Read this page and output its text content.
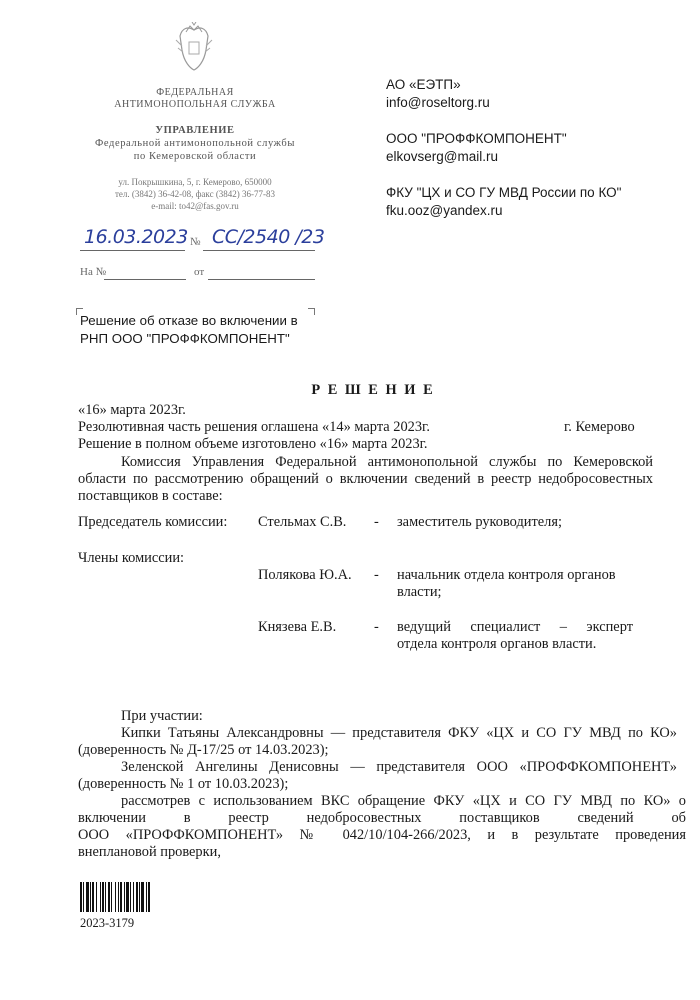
ФЕДЕРАЛЬНАЯ
АНТИМОНОПОЛЬНАЯ СЛУЖБА
УПРАВЛЕНИЕ
Федеральной антимонопольной службы
по Кемеровской области
ул. Покрышкина, 5, г. Кемерово, 650000
тел. (3842) 36-42-08, факс (3842) 36-77-83
e-mail: to42@fas.gov.ru
16.03.2023 № СС/2540 /23
На №	от
АО «ЕЭТП»
info@roseltorg.ru
ООО "ПРОФФКОМПОНЕНТ"
elkovserg@mail.ru
ФКУ "ЦХ и СО ГУ МВД России по КО"
fku.ooz@yandex.ru
Решение об отказе во включении в
РНП ООО "ПРОФФКОМПОНЕНТ"
Р Е Ш Е Н И Е
«16» марта 2023г.
Резолютивная часть решения оглашена «14» марта 2023г.	г. Кемерово
Решение в полном объеме изготовлено «16» марта 2023г.
Комиссия Управления Федеральной антимонопольной службы по Кемеровской
области по рассмотрению обращений о включении сведений в реестр недобросовестных
поставщиков в составе:
Председатель комиссии: Стельмах С.В. - заместитель руководителя;
Члены комиссии:
Полякова Ю.А. - начальник отдела контроля органов
власти;
Князева Е.В.	- ведущий специалист – эксперт
отдела контроля органов власти.
При участии:
Кипки Татьяны Александровны — представителя ФКУ «ЦХ и СО ГУ МВД по КО»
(доверенность № Д-17/25 от 14.03.2023);
Зеленской Ангелины Денисовны — представителя ООО «ПРОФФКОМПОНЕНТ»
(доверенность № 1 от 10.03.2023);
рассмотрев с использованием ВКС обращение ФКУ «ЦХ и СО ГУ МВД по КО» о
включении в реестр недобросовестных поставщиков сведений об
ООО «ПРОФФКОМПОНЕНТ» № 042/10/104-266/2023, и в результате проведения
внеплановой проверки,
2023-3179
